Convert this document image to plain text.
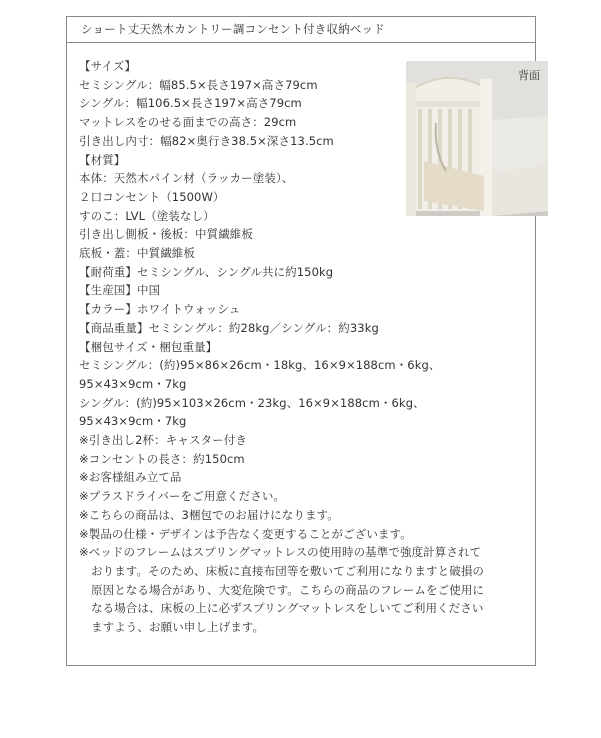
ショート丈天然木カントリー調コンセント付き収納ベッド
【サイズ】
セミシングル：幅85.5×長さ197×高さ79cm
シングル：幅106.5×長さ197×高さ79cm
マットレスをのせる面までの高さ：29cm
引き出し内寸：幅82×奥行き38.5×深さ13.5cm
【材質】
本体：天然木パイン材（ラッカー塗装）、
２口コンセント（1500W）
すのこ：LVL（塗装なし）
引き出し側板・後板：中質繊維板
底板・蓋：中質繊維板
【耐荷重】セミシングル、シングル共に約150kg
【生産国】中国
【カラー】ホワイトウォッシュ
【商品重量】セミシングル：約28kg／シングル：約33kg
【梱包サイズ・梱包重量】
セミシングル：(約)95×86×26cm・18kg、16×9×188cm・6kg、
95×43×9cm・7kg
シングル：(約)95×103×26cm・23kg、16×9×188cm・6kg、
95×43×9cm・7kg
※引き出し2杯：キャスター付き
※コンセントの長さ：約150cm
※お客様組み立て品
※プラスドライバーをご用意ください。
※こちらの商品は、3梱包でのお届けになります。
※製品の仕様・デザインは予告なく変更することがございます。
※ベッドのフレームはスプリングマットレスの使用時の基準で強度計算されて
おります。そのため、床板に直接布団等を敷いてご利用になりますと破損の
原因となる場合があり、大変危険です。こちらの商品のフレームをご使用に
なる場合は、床板の上に必ずスプリングマットレスをしいてご利用ください
ますよう、お願い申し上げます。
背面
